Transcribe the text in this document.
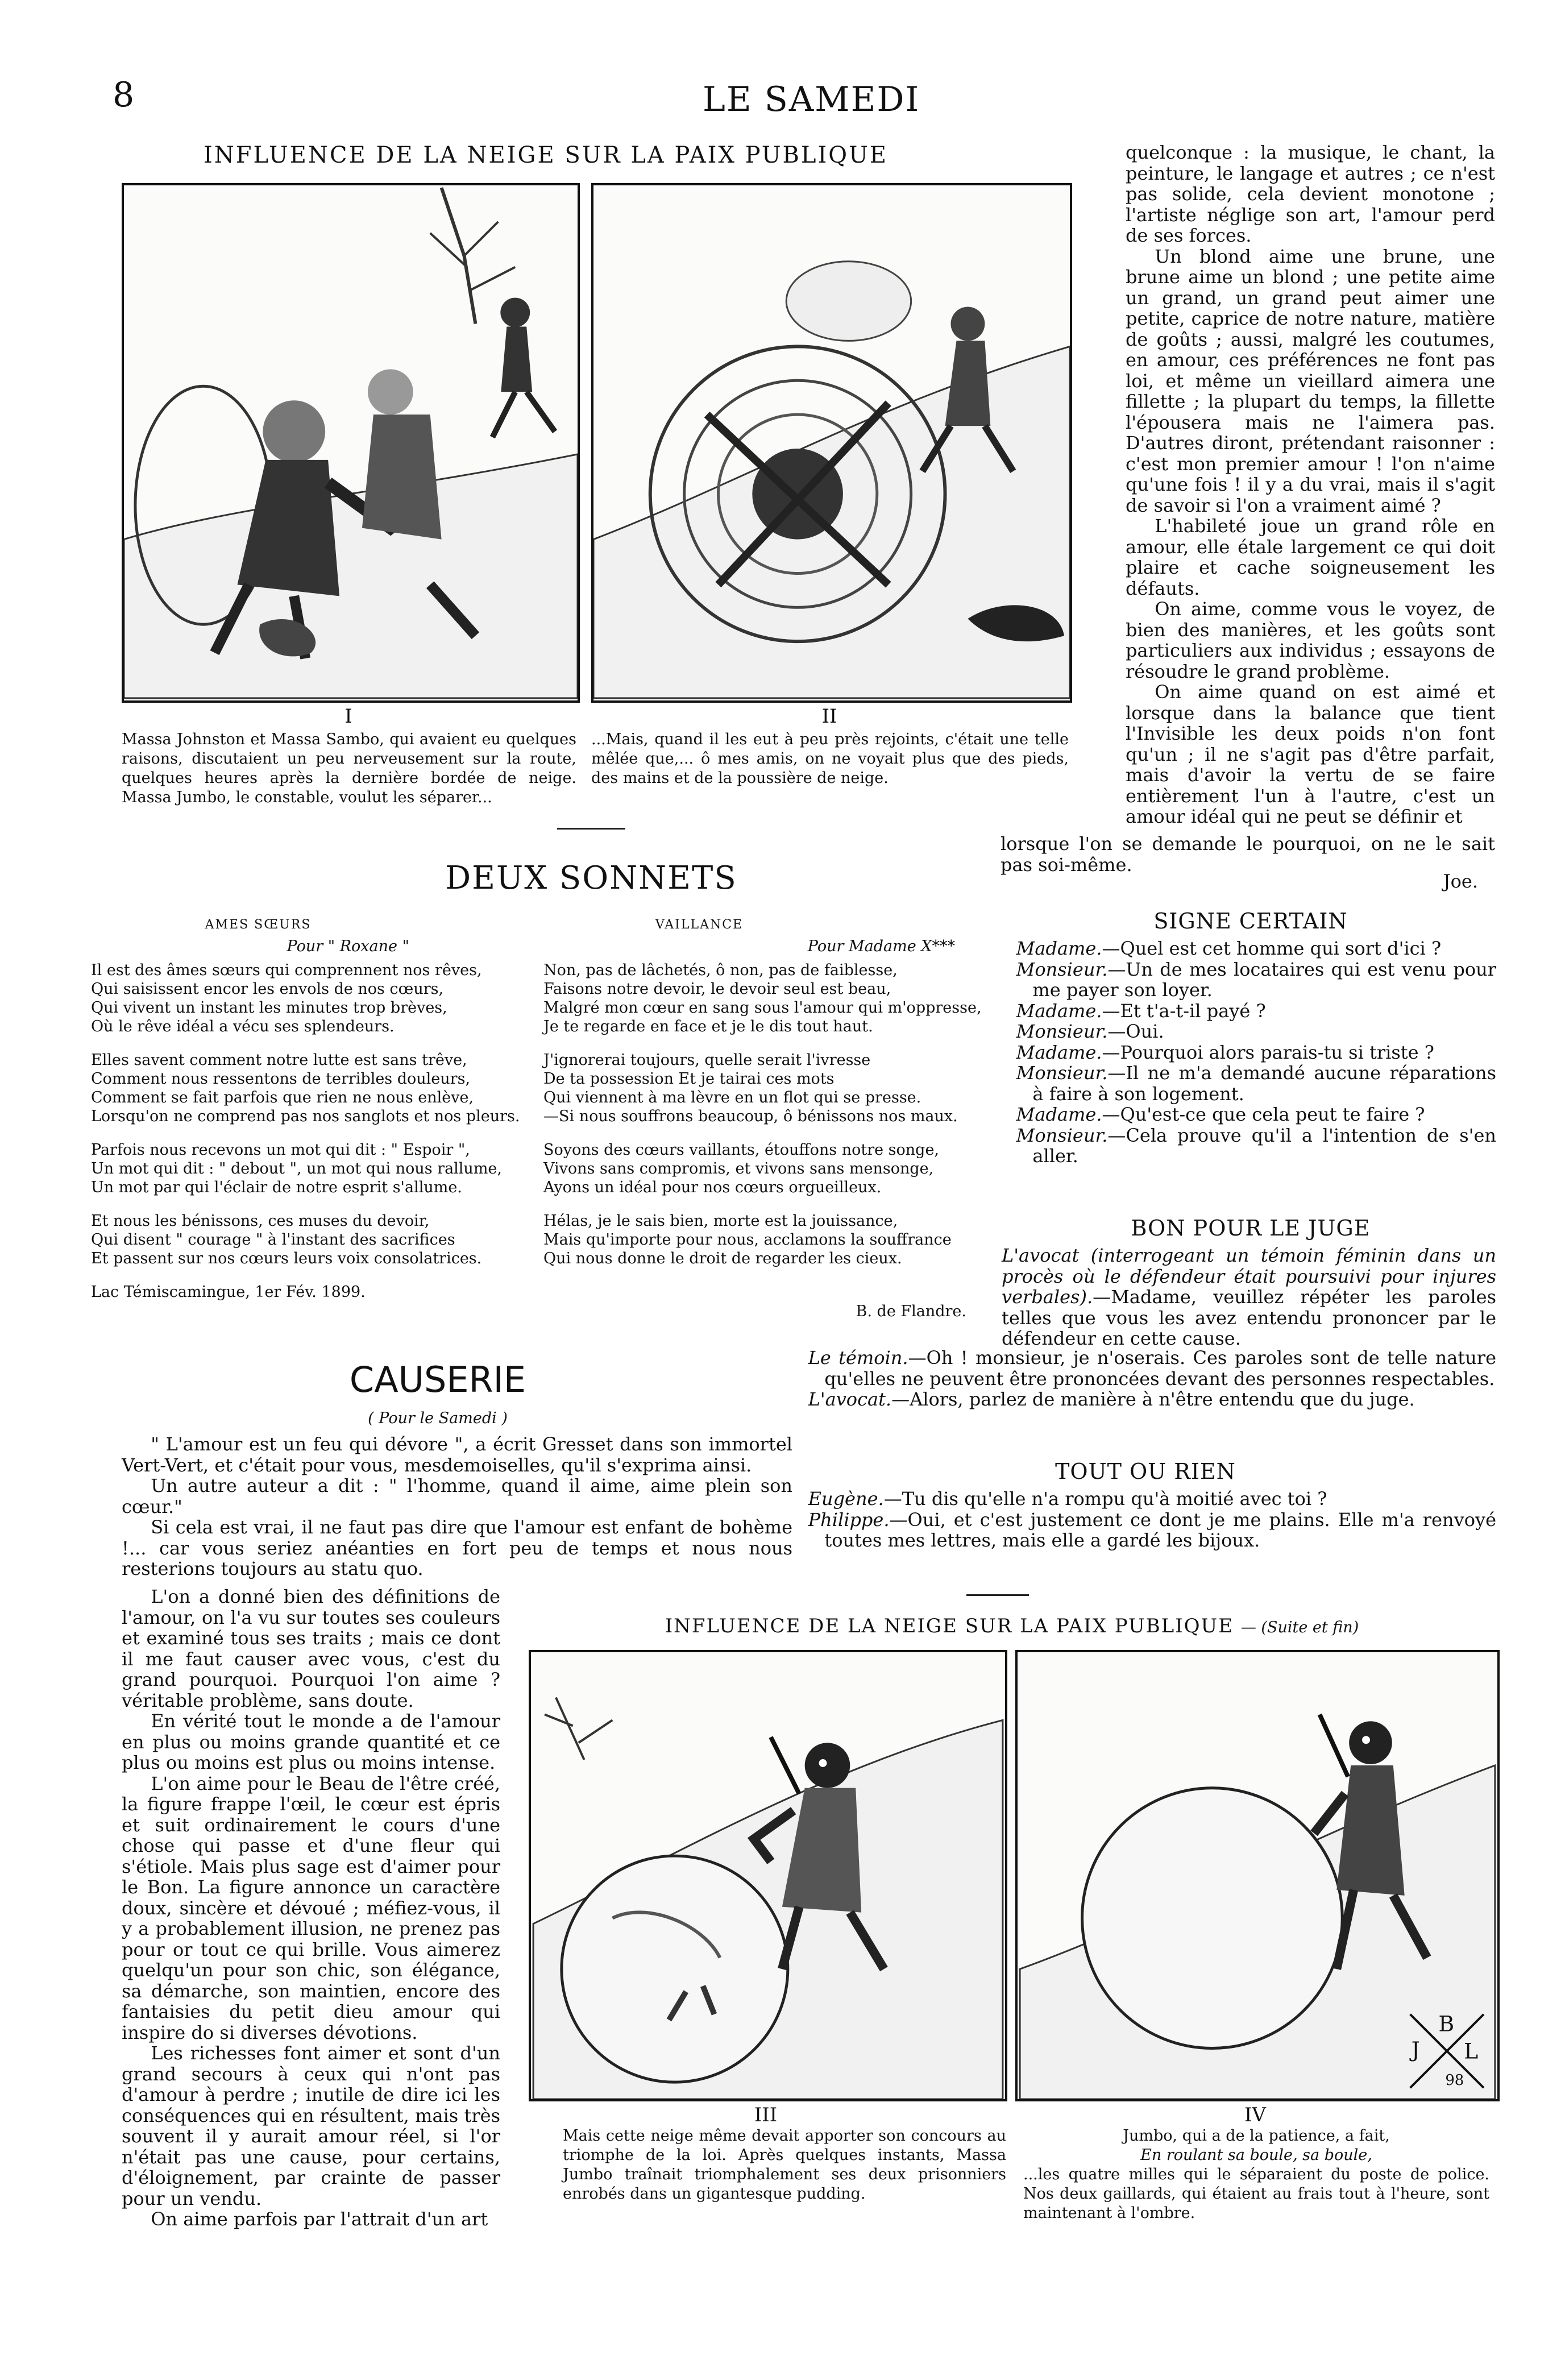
8	LE SAMEDI
INFLUENCE DE LA NEIGE SUR LA PAIX PUBLIQUE
I
Massa Johnston et Massa Sambo, qui avaient eu quelques raisons, discutaient un peu nerveusement sur la route, quelques heures après la dernière bordée de neige. Massa Jumbo, le constable, voulut les séparer...
II
...Mais, quand il les eut à peu près rejoints, c'était une telle mêlée que,... ô mes amis, on ne voyait plus que des pieds, des mains et de la poussière de neige.

quelconque : la musique, le chant, la peinture, le langage et autres ; ce n'est pas solide, cela devient monotone ; l'artiste néglige son art, l'amour perd de ses forces.

Un blond aime une brune, une brune aime un blond ; une petite aime un grand, un grand peut aimer une petite, caprice de notre nature, matière de goûts ; aussi, malgré les coutumes, en amour, ces préférences ne font pas loi, et même un vieillard aimera une fillette ; la plupart du temps, la fillette l'épousera mais ne l'aimera pas. D'autres diront, prétendant raisonner : c'est mon premier amour ! l'on n'aime qu'une fois ! il y a du vrai, mais il s'agit de savoir si l'on a vraiment aimé ?

L'habileté joue un grand rôle en amour, elle étale largement ce qui doit plaire et cache soigneusement les défauts.

On aime, comme vous le voyez, de bien des manières, et les goûts sont particuliers aux individus ; essayons de résoudre le grand problème.

On aime quand on est aimé et lorsque dans la balance que tient l'Invisible les deux poids n'on font qu'un ; il ne s'agit pas d'être parfait, mais d'avoir la vertu de se faire entièrement l'un à l'autre, c'est un amour idéal qui ne peut se définir et

lorsque l'on se demande le pourquoi, on ne le sait pas soi-même.

Joe.
SIGNE CERTAIN

Madame.—Quel est cet homme qui sort d'ici ?

Monsieur.—Un de mes locataires qui est venu pour me payer son loyer.

Madame.—Et t'a-t-il payé ?

Monsieur.—Oui.

Madame.—Pourquoi alors parais-tu si triste ?

Monsieur.—Il ne m'a demandé aucune réparations à faire à son logement.

Madame.—Qu'est-ce que cela peut te faire ?

Monsieur.—Cela prouve qu'il a l'intention de s'en aller.

BON POUR LE JUGE

L'avocat (interrogeant un témoin féminin dans un procès où le défendeur était poursuivi pour injures verbales).—Madame, veuillez répéter les paroles telles que vous les avez entendu prononcer par le défendeur en cette cause.

Le témoin.—Oh ! monsieur, je n'oserais. Ces paroles sont de telle nature qu'elles ne peuvent être prononcées devant des personnes respectables.

L'avocat.—Alors, parlez de manière à n'être entendu que du juge.

TOUT OU RIEN

Eugène.—Tu dis qu'elle n'a rompu qu'à moitié avec toi ?

Philippe.—Oui, et c'est justement ce dont je me plains. Elle m'a renvoyé toutes mes lettres, mais elle a gardé les bijoux.

DEUX SONNETS
AMES SŒURS
Pour " Roxane "
Il est des âmes sœurs qui comprennent nos rêves,
Qui saisissent encor les envols de nos cœurs,
Qui vivent un instant les minutes trop brèves,
Où le rêve idéal a vécu ses splendeurs.
Elles savent comment notre lutte est sans trêve,
Comment nous ressentons de terribles douleurs,
Comment se fait parfois que rien ne nous enlève,
Lorsqu'on ne comprend pas nos sanglots et nos pleurs.
Parfois nous recevons un mot qui dit : " Espoir ",
Un mot qui dit : " debout ", un mot qui nous rallume,
Un mot par qui l'éclair de notre esprit s'allume.
Et nous les bénissons, ces muses du devoir,
Qui disent " courage " à l'instant des sacrifices
Et passent sur nos cœurs leurs voix consolatrices.
Lac Témiscamingue, 1er Fév. 1899.
VAILLANCE
Pour Madame X***
Non, pas de lâchetés, ô non, pas de faiblesse,
Faisons notre devoir, le devoir seul est beau,
Malgré mon cœur en sang sous l'amour qui m'oppresse,
Je te regarde en face et je le dis tout haut.
J'ignorerai toujours, quelle serait l'ivresse
De ta possession Et je tairai ces mots
Qui viennent à ma lèvre en un flot qui se presse.
—Si nous souffrons beaucoup, ô bénissons nos maux.
Soyons des cœurs vaillants, étouffons notre songe,
Vivons sans compromis, et vivons sans mensonge,
Ayons un idéal pour nos cœurs orgueilleux.
Hélas, je le sais bien, morte est la jouissance,
Mais qu'importe pour nous, acclamons la souffrance
Qui nous donne le droit de regarder les cieux.
B. de Flandre.
CAUSERIE
( Pour le Samedi )

" L'amour est un feu qui dévore ", a écrit Gresset dans son immortel Vert-Vert, et c'était pour vous, mesdemoiselles, qu'il s'exprima ainsi.

Un autre auteur a dit : " l'homme, quand il aime, aime plein son cœur."

Si cela est vrai, il ne faut pas dire que l'amour est enfant de bohème !... car vous seriez anéanties en fort peu de temps et nous nous resterions toujours au statu quo.

L'on a donné bien des définitions de l'amour, on l'a vu sur toutes ses couleurs et examiné tous ses traits ; mais ce dont il me faut causer avec vous, c'est du grand pourquoi. Pourquoi l'on aime ? véritable problème, sans doute.

En vérité tout le monde a de l'amour en plus ou moins grande quantité et ce plus ou moins est plus ou moins intense.

L'on aime pour le Beau de l'être créé, la figure frappe l'œil, le cœur est épris et suit ordinairement le cours d'une chose qui passe et d'une fleur qui s'étiole. Mais plus sage est d'aimer pour le Bon. La figure annonce un caractère doux, sincère et dévoué ; méfiez-vous, il y a probablement illusion, ne prenez pas pour or tout ce qui brille. Vous aimerez quelqu'un pour son chic, son élégance, sa démarche, son maintien, encore des fantaisies du petit dieu amour qui inspire do si diverses dévotions.

Les richesses font aimer et sont d'un grand secours à ceux qui n'ont pas d'amour à perdre ; inutile de dire ici les conséquences qui en résultent, mais très souvent il y aurait amour réel, si l'or n'était pas une cause, pour certains, d'éloignement, par crainte de passer pour un vendu.

On aime parfois par l'attrait d'un art

INFLUENCE DE LA NEIGE SUR LA PAIX PUBLIQUE — (Suite et fin)
B
J L
98
III
Mais cette neige même devait apporter son concours au triomphe de la loi. Après quelques instants, Massa Jumbo traînait triomphalement ses deux prisonniers enrobés dans un gigantesque pudding.
IV
Jumbo, qui a de la patience, a fait,
En roulant sa boule, sa boule,
...les quatre milles qui le séparaient du poste de police. Nos deux gaillards, qui étaient au frais tout à l'heure, sont maintenant à l'ombre.
